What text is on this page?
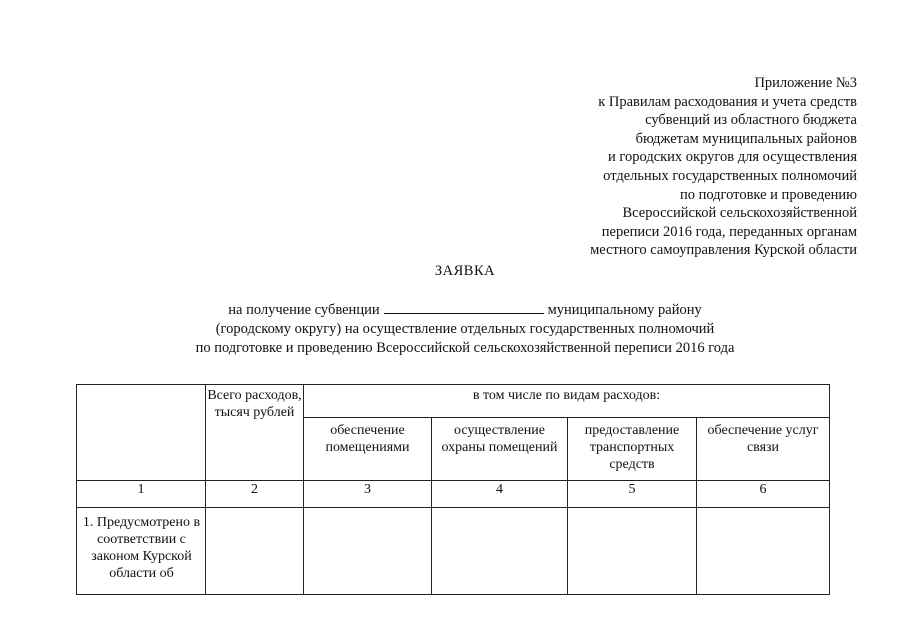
Приложение №3
к Правилам расходования и учета средств
субвенций из областного бюджета
бюджетам муниципальных районов
и городских округов для осуществления
отдельных государственных полномочий
по подготовке и проведению
Всероссийской сельскохозяйственной
переписи 2016 года, переданных органам
местного самоуправления Курской области
ЗАЯВКА
на получение субвенции	муниципальному району
(городскому округу) на осуществление отдельных государственных полномочий
по подготовке и проведению Всероссийской сельскохозяйственной переписи 2016 года
	Всего расходов, тысяч рублей	в том числе по видам расходов:			
		обеспечение помещениями	осуществление охраны помещений	предоставление транспортных средств	обеспечение услуг связи
1	2	3	4	5	6
1. Предусмотрено в соответствии с законом Курской области об					
